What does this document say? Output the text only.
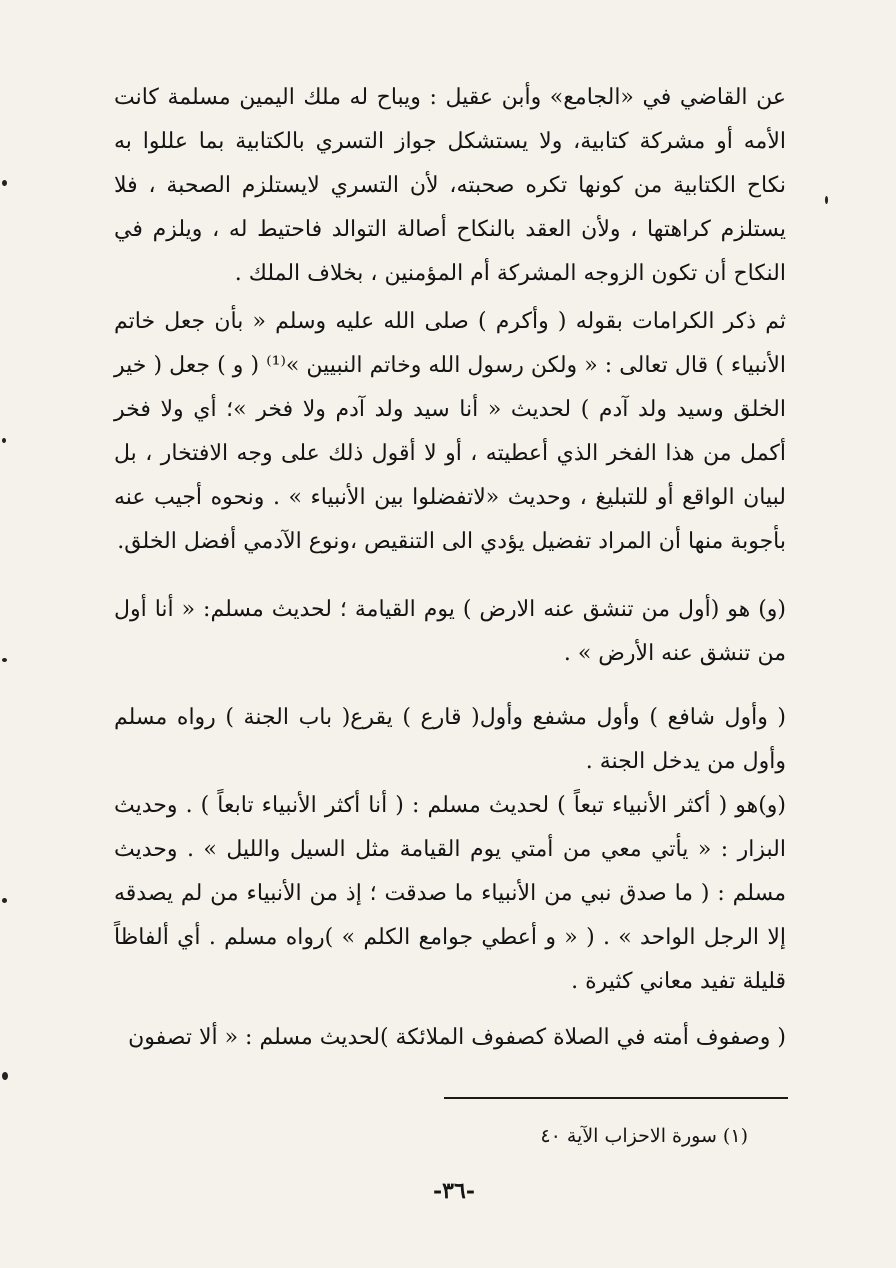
عن القاضي في «الجامع» وأبن عقيل : ويباح له ملك اليمين مسلمة كانت الأمه أو مشركة كتابية، ولا يستشكل جواز التسري بالكتابية بما عللوا به نكاح الكتابية من كونها تكره صحبته، لأن التسري لايستلزم الصحبة ، فلا يستلزم كراهتها ، ولأن العقد بالنكاح أصالة التوالد فاحتيط له ، ويلزم في النكاح أن تكون الزوجه المشركة أم المؤمنين ، بخلاف الملك .
ثم ذكر الكرامات بقوله ( وأكرم ) صلى الله عليه وسلم « بأن جعل خاتم الأنبياء ) قال تعالى : « ولكن رسول الله وخاتم النبيين »⁽¹⁾ ( و ) جعل ( خير الخلق وسيد ولد آدم ) لحديث « أنا سيد ولد آدم ولا فخر »؛ أي ولا فخر أكمل من هذا الفخر الذي أعطيته ، أو لا أقول ذلك على وجه الافتخار ، بل لبيان الواقع أو للتبليغ ، وحديث «لاتفضلوا بين الأنبياء » . ونحوه أجيب عنه بأجوبة منها أن المراد تفضيل يؤدي الى التنقيص ،ونوع الآدمي أفضل الخلق.
(و) هو (أول من تنشق عنه الارض ) يوم القيامة ؛ لحديث مسلم: « أنا أول من تنشق عنه الأرض » .
( وأول شافع ) وأول مشفع وأول( قارع ) يقرع( باب الجنة ) رواه مسلم وأول من يدخل الجنة .
(و)هو ( أكثر الأنبياء تبعاً ) لحديث مسلم : ( أنا أكثر الأنبياء تابعاً ) . وحديث البزار : « يأتي معي من أمتي يوم القيامة مثل السيل والليل » . وحديث مسلم : ( ما صدق نبي من الأنبياء ما صدقت ؛ إذ من الأنبياء من لم يصدقه إلا الرجل الواحد » . ( « و أعطي جوامع الكلم » )رواه مسلم . أي ألفاظاً قليلة تفيد معاني كثيرة .
( وصفوف أمته في الصلاة كصفوف الملائكة )لحديث مسلم : « ألا تصفون
(١) سورة الاحزاب الآية ٤٠
-٣٦-
